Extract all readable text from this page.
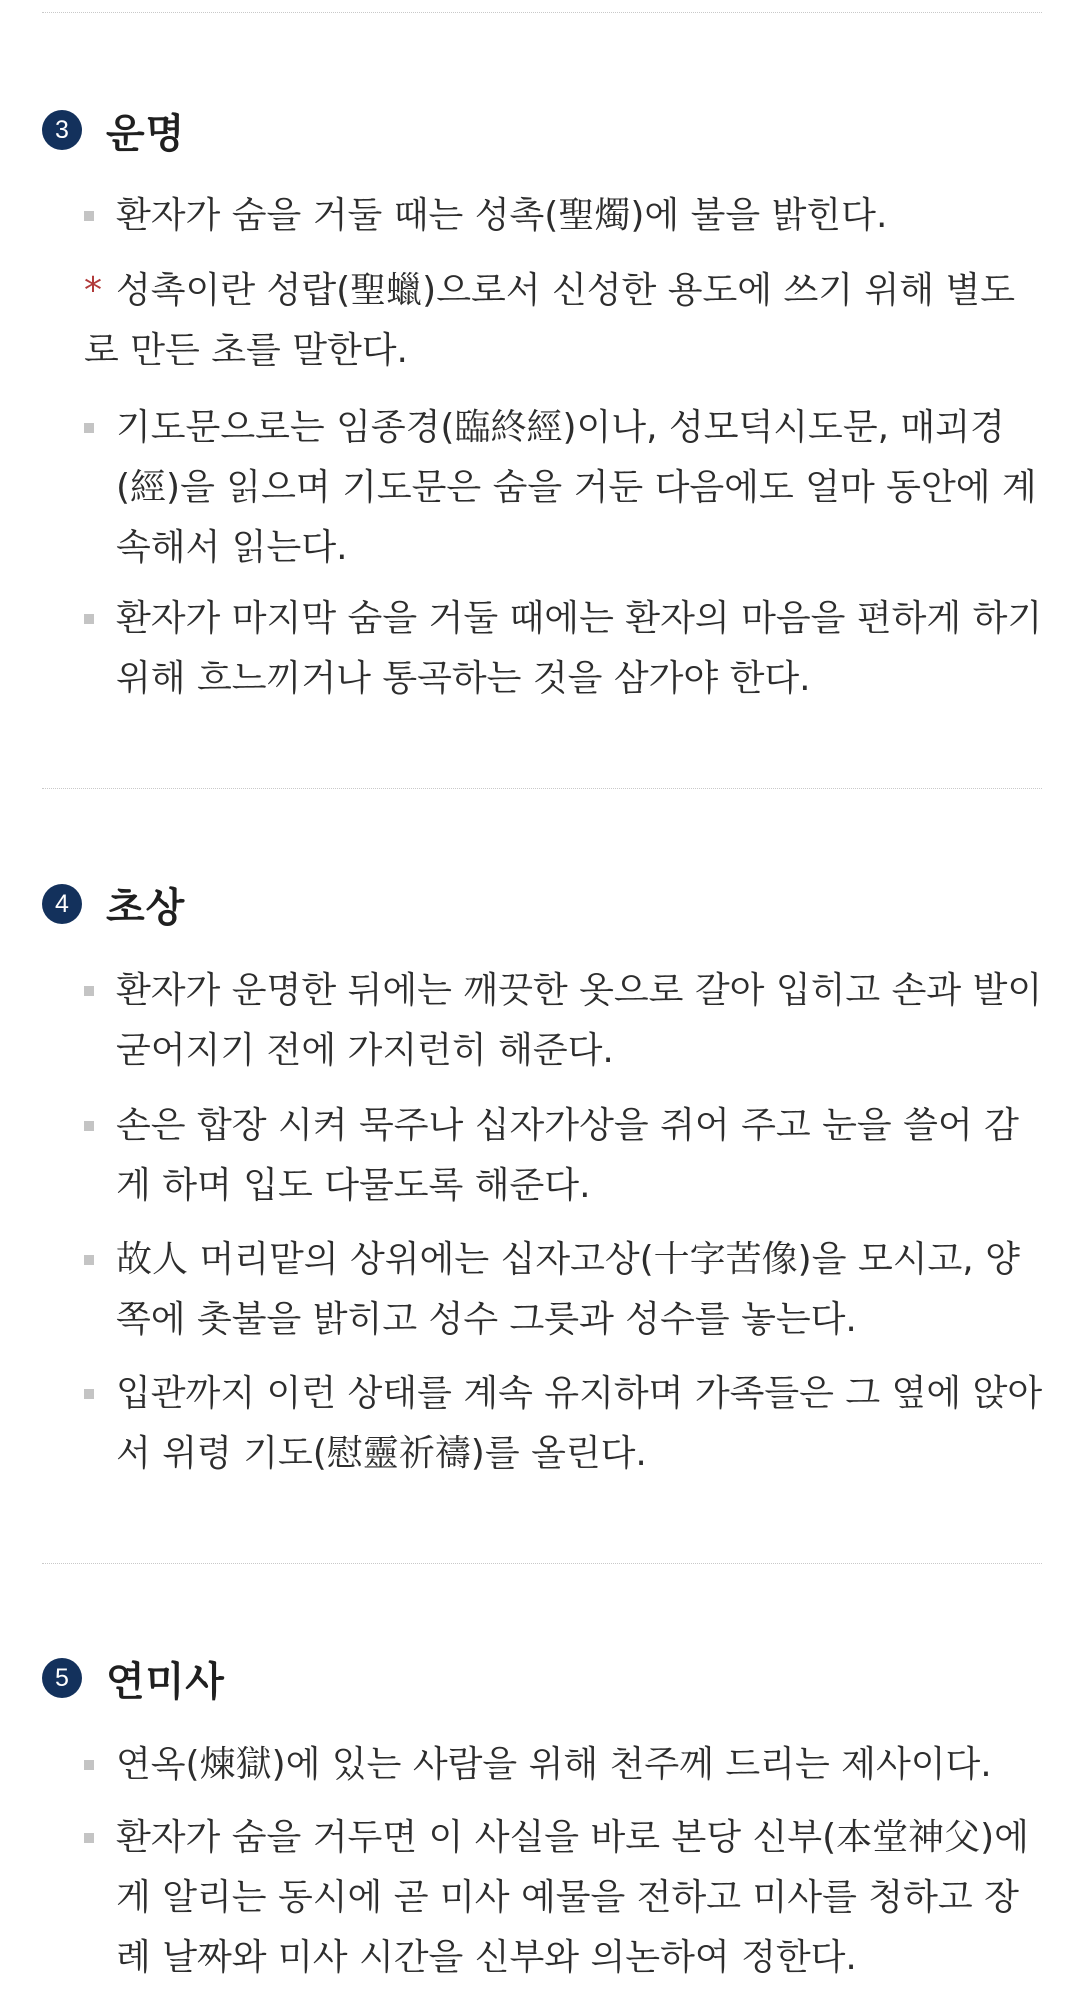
3 운명
환자가 숨을 거둘 때는 성촉(聖燭)에 불을 밝힌다.
* 성촉이란 성랍(聖蠟)으로서 신성한 용도에 쓰기 위해 별도로 만든 초를 말한다.
기도문으로는 임종경(臨終經)이나, 성모덕시도문, 매괴경(經)을 읽으며 기도문은 숨을 거둔 다음에도 얼마 동안에 계속해서 읽는다.
환자가 마지막 숨을 거둘 때에는 환자의 마음을 편하게 하기 위해 흐느끼거나 통곡하는 것을 삼가야 한다.
4 초상
환자가 운명한 뒤에는 깨끗한 옷으로 갈아 입히고 손과 발이 굳어지기 전에 가지런히 해준다.
손은 합장 시켜 묵주나 십자가상을 쥐어 주고 눈을 쓸어 감게 하며 입도 다물도록 해준다.
故人 머리맡의 상위에는 십자고상(十字苦像)을 모시고, 양쪽에 촛불을 밝히고 성수 그릇과 성수를 놓는다.
입관까지 이런 상태를 계속 유지하며 가족들은 그 옆에 앉아서 위령 기도(慰靈祈禱)를 올린다.
5 연미사
연옥(煉獄)에 있는 사람을 위해 천주께 드리는 제사이다.
환자가 숨을 거두면 이 사실을 바로 본당 신부(本堂神父)에게 알리는 동시에 곧 미사 예물을 전하고 미사를 청하고 장례 날짜와 미사 시간을 신부와 의논하여 정한다.
